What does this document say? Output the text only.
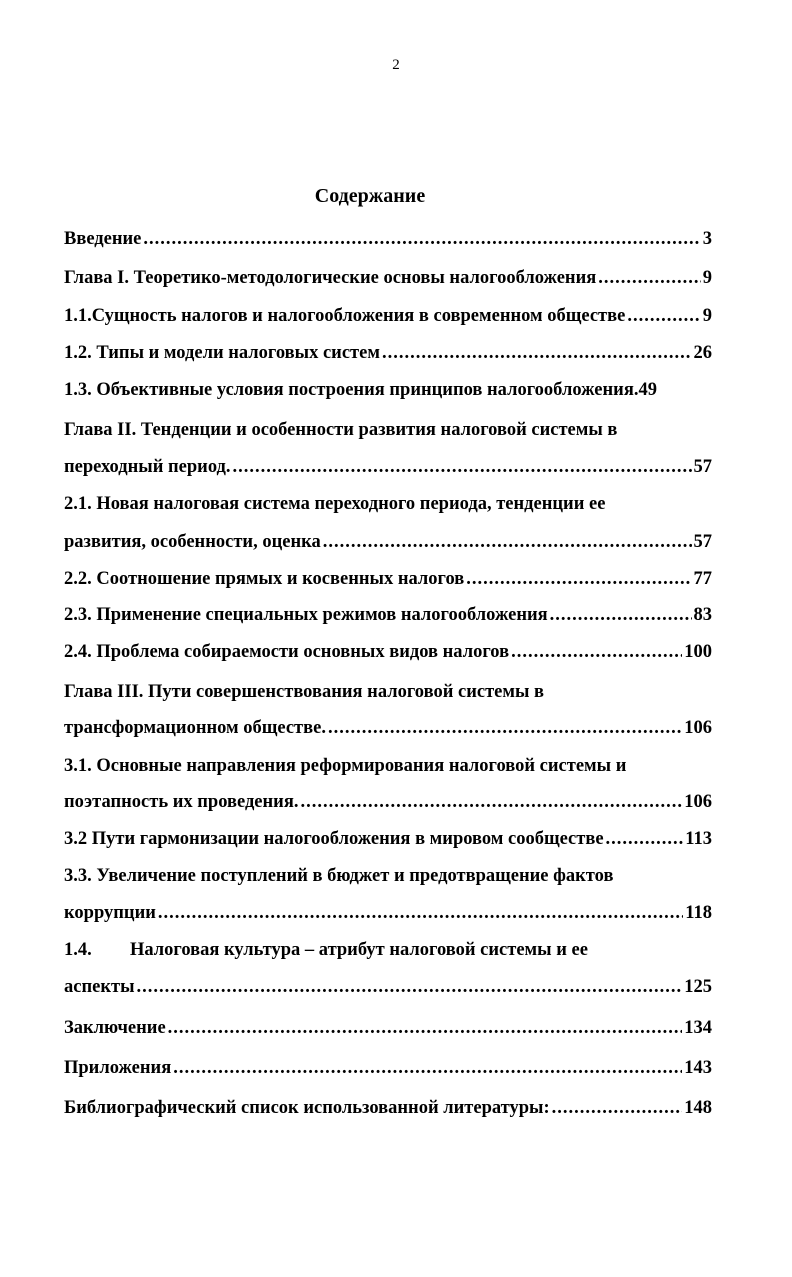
2
Содержание
Введение .....	3
Глава I. Теоретико-методологические основы налогообложения .....	9
1.1.Сущность налогов и налогообложения в современном обществе .....	9
1.2. Типы и модели налоговых систем .....	26
1.3. Объективные условия построения принципов налогообложения. 49
Глава II. Тенденции и особенности развития налоговой системы в
переходный период. .....	57
2.1. Новая налоговая система переходного периода, тенденции ее
развития, особенности, оценка .....	57
2.2. Соотношение прямых и косвенных налогов .....	77
2.3. Применение специальных режимов налогообложения .....	83
2.4. Проблема собираемости основных видов налогов .....	100
Глава III. Пути совершенствования налоговой системы в
трансформационном обществе. .....	106
3.1. Основные направления реформирования налоговой системы и
поэтапность их проведения. .....	106
3.2 Пути гармонизации налогообложения в мировом сообществе .....	113
3.3. Увеличение поступлений в бюджет и предотвращение фактов
коррупции .....	118
1.4. Налоговая культура – атрибут налоговой системы и ее
аспекты .....	125
Заключение .....	134
Приложения .....	143
Библиографический список использованной литературы: .....	148
